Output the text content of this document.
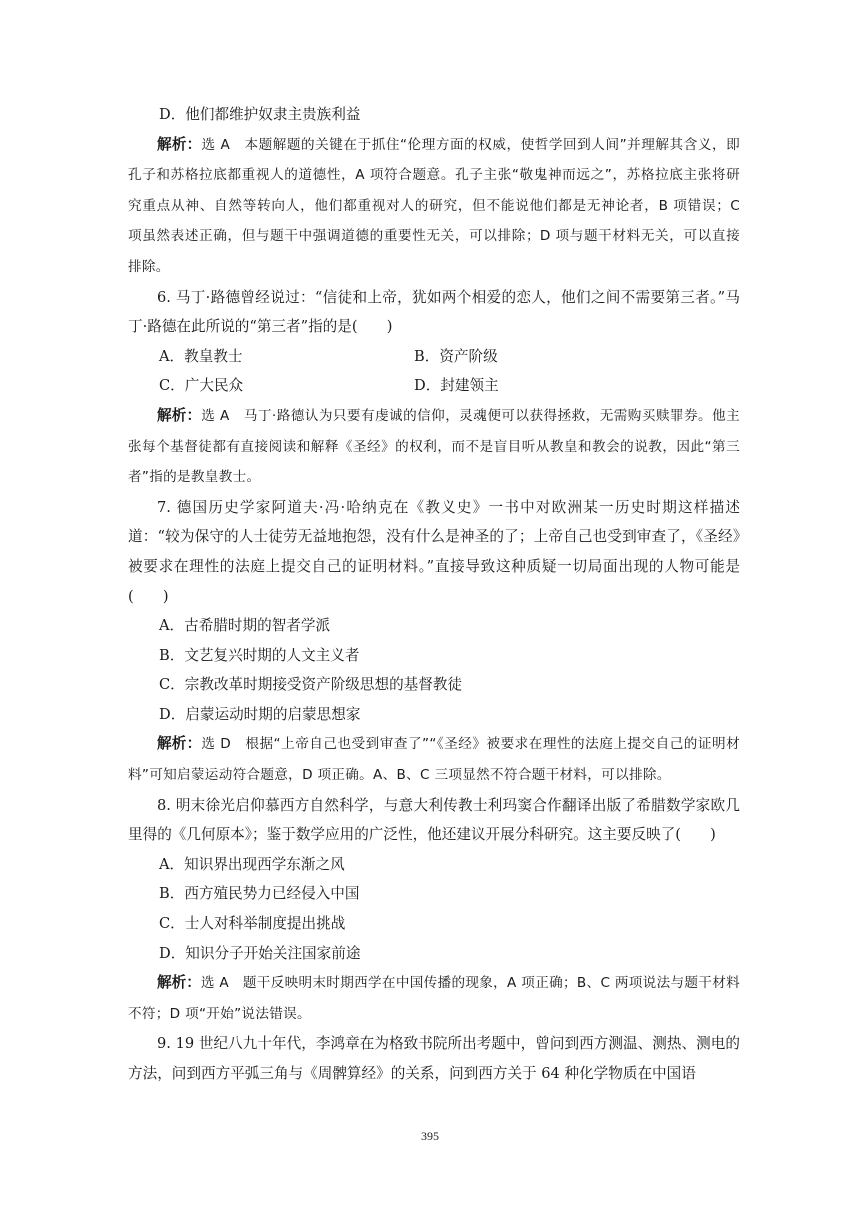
D．他们都维护奴隶主贵族利益

解析：选 A　本题解题的关键在于抓住“伦理方面的权威，使哲学回到人间”并理解其含义，即孔子和苏格拉底都重视人的道德性，A 项符合题意。孔子主张“敬鬼神而远之”，苏格拉底主张将研究重点从神、自然等转向人，他们都重视对人的研究，但不能说他们都是无神论者，B 项错误；C 项虽然表述正确，但与题干中强调道德的重要性无关，可以排除；D 项与题干材料无关，可以直接排除。

6. 马丁·路德曾经说过：“信徒和上帝，犹如两个相爱的恋人，他们之间不需要第三者。”马丁·路德在此所说的“第三者”指的是(　　)

A．教皇教士	B．资产阶级
C．广大民众	D．封建领主

解析：选 A　马丁·路德认为只要有虔诚的信仰，灵魂便可以获得拯救，无需购买赎罪券。他主张每个基督徒都有直接阅读和解释《圣经》的权利，而不是盲目听从教皇和教会的说教，因此“第三者”指的是教皇教士。

7. 德国历史学家阿道夫·冯·哈纳克在《教义史》一书中对欧洲某一历史时期这样描述道：“较为保守的人士徒劳无益地抱怨，没有什么是神圣的了；上帝自己也受到审查了，《圣经》被要求在理性的法庭上提交自己的证明材料。”直接导致这种质疑一切局面出现的人物可能是(　　)

A．古希腊时期的智者学派

B．文艺复兴时期的人文主义者

C．宗教改革时期接受资产阶级思想的基督教徒

D．启蒙运动时期的启蒙思想家

解析：选 D　根据“上帝自己也受到审查了”“《圣经》被要求在理性的法庭上提交自己的证明材料”可知启蒙运动符合题意，D 项正确。A、B、C 三项显然不符合题干材料，可以排除。

8. 明末徐光启仰慕西方自然科学，与意大利传教士利玛窦合作翻译出版了希腊数学家欧几里得的《几何原本》；鉴于数学应用的广泛性，他还建议开展分科研究。这主要反映了(　　)

A．知识界出现西学东渐之风

B．西方殖民势力已经侵入中国

C．士人对科举制度提出挑战

D．知识分子开始关注国家前途

解析：选 A　题干反映明末时期西学在中国传播的现象，A 项正确；B、C 两项说法与题干材料不符；D 项“开始”说法错误。

9. 19 世纪八九十年代，李鸿章在为格致书院所出考题中，曾问到西方测温、测热、测电的方法，问到西方平弧三角与《周髀算经》的关系，问到西方关于 64 种化学物质在中国语

395
